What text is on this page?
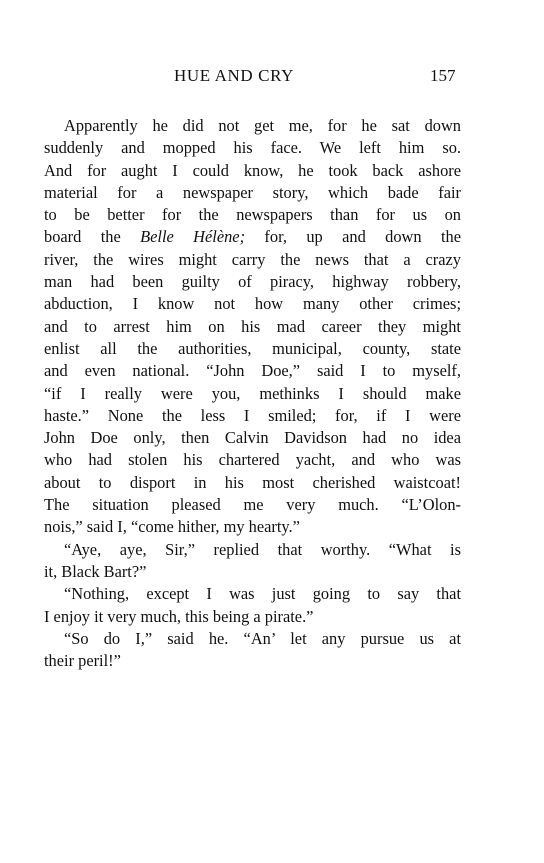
HUE AND CRY	157
Apparently he did not get me, for he sat down
suddenly and mopped his face. We left him so.
And for aught I could know, he took back ashore
material for a newspaper story, which bade fair
to be better for the newspapers than for us on
board the Belle Hélène; for, up and down the
river, the wires might carry the news that a crazy
man had been guilty of piracy, highway robbery,
abduction, I know not how many other crimes;
and to arrest him on his mad career they might
enlist all the authorities, municipal, county, state
and even national. “John Doe,” said I to myself,
“if I really were you, methinks I should make
haste.” None the less I smiled; for, if I were
John Doe only, then Calvin Davidson had no idea
who had stolen his chartered yacht, and who was
about to disport in his most cherished waistcoat!
The situation pleased me very much. “L’Olon-
nois,” said I, “come hither, my hearty.”
“Aye, aye, Sir,” replied that worthy. “What is
it, Black Bart?”
“Nothing, except I was just going to say that
I enjoy it very much, this being a pirate.”
“So do I,” said he. “An’ let any pursue us at
their peril!”
